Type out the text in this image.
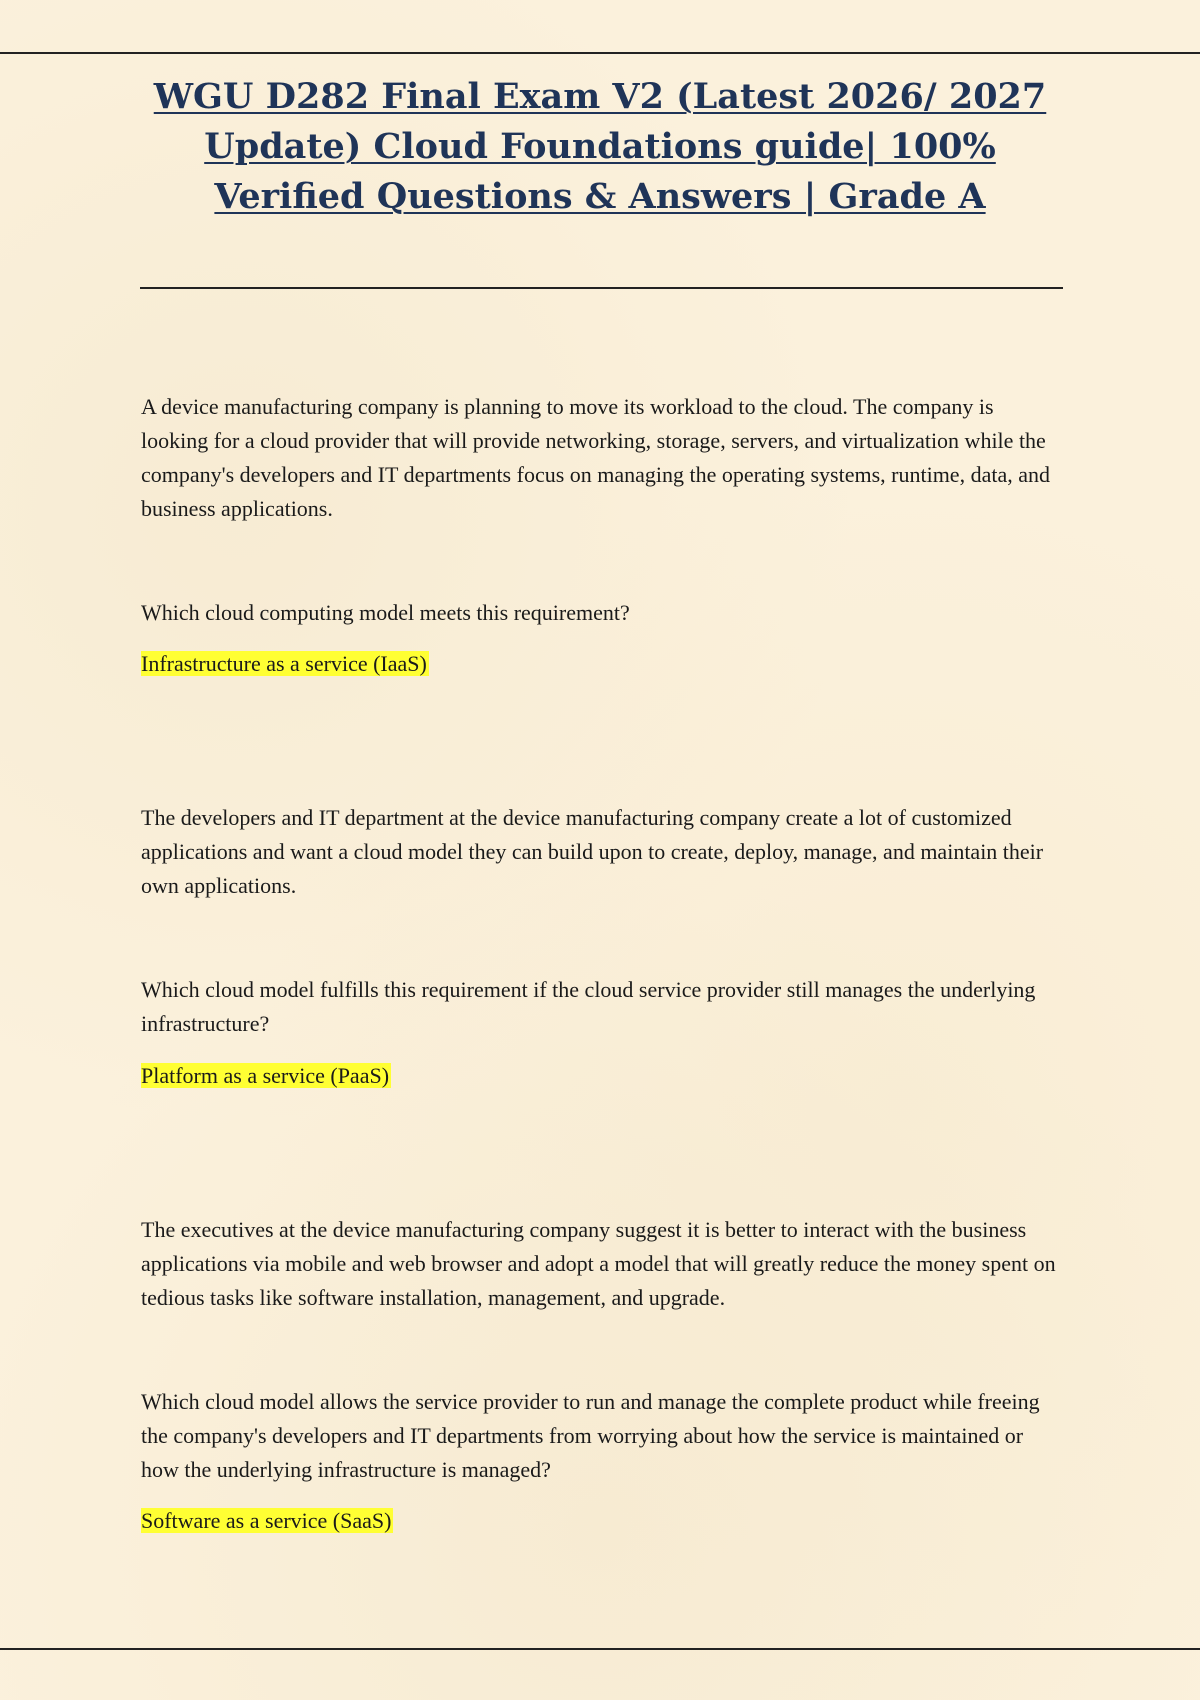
WGU D282 Final Exam V2 (Latest 2026/ 2027 Update) Cloud Foundations guide| 100% Verified Questions & Answers | Grade A

A device manufacturing company is planning to move its workload to the cloud. The company is looking for a cloud provider that will provide networking, storage, servers, and virtualization while the company's developers and IT departments focus on managing the operating systems, runtime, data, and business applications.

Which cloud computing model meets this requirement?

Infrastructure as a service (IaaS)

The developers and IT department at the device manufacturing company create a lot of customized applications and want a cloud model they can build upon to create, deploy, manage, and maintain their own applications.

Which cloud model fulfills this requirement if the cloud service provider still manages the underlying infrastructure?

Platform as a service (PaaS)

The executives at the device manufacturing company suggest it is better to interact with the business applications via mobile and web browser and adopt a model that will greatly reduce the money spent on tedious tasks like software installation, management, and upgrade.

Which cloud model allows the service provider to run and manage the complete product while freeing the company's developers and IT departments from worrying about how the service is maintained or how the underlying infrastructure is managed?

Software as a service (SaaS)
